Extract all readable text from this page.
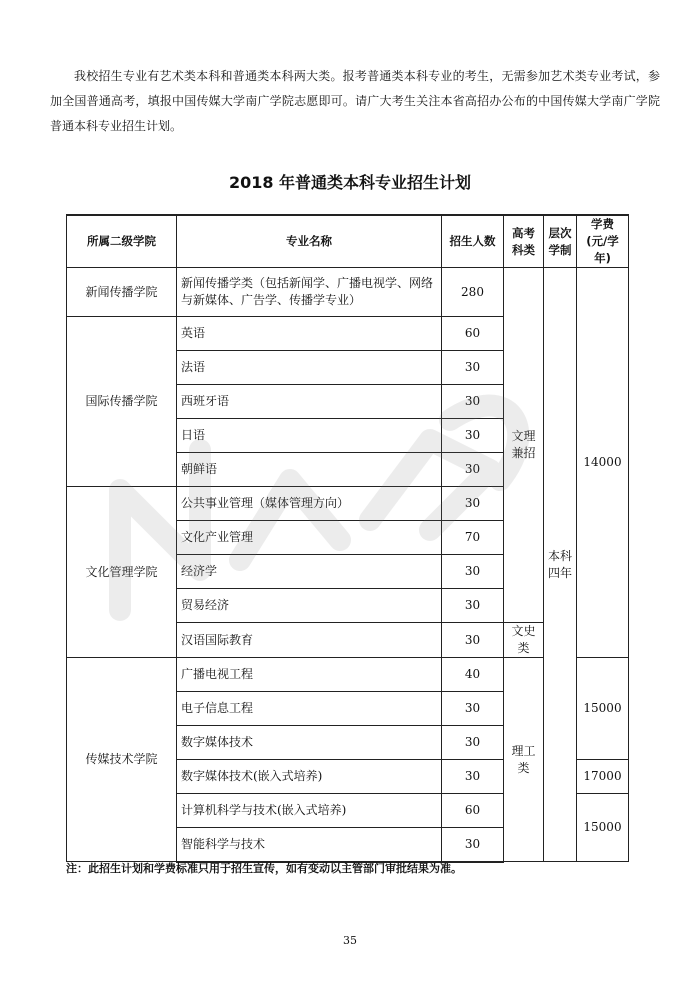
我校招生专业有艺术类本科和普通类本科两大类。报考普通类本科专业的考生，无需参加艺术类专业考试，参加全国普通高考，填报中国传媒大学南广学院志愿即可。请广大考生关注本省高招办公布的中国传媒大学南广学院普通本科专业招生计划。

2018 年普通类本科专业招生计划
所属二级学院	专业名称	招生人数	高考科类	层次学制	学费(元/学年)
新闻传播学院	新闻传播学类（包括新闻学、广播电视学、网络与新媒体、广告学、传播学专业）	280	文理兼招	本科四年	14000
国际传播学院	英语	60			
	法语	30			
	西班牙语	30			
	日语	30			
	朝鲜语	30			
文化管理学院	公共事业管理（媒体管理方向）	30			
	文化产业管理	70			
	经济学	30			
	贸易经济	30			
	汉语国际教育	30	文史类		
传媒技术学院	广播电视工程	40	理工类		15000
	电子信息工程	30			
	数字媒体技术	30			
	数字媒体技术(嵌入式培养)	30			17000
	计算机科学与技术(嵌入式培养)	60			15000
	智能科学与技术	30			

注：此招生计划和学费标准只用于招生宣传，如有变动以主管部门审批结果为准。

35
